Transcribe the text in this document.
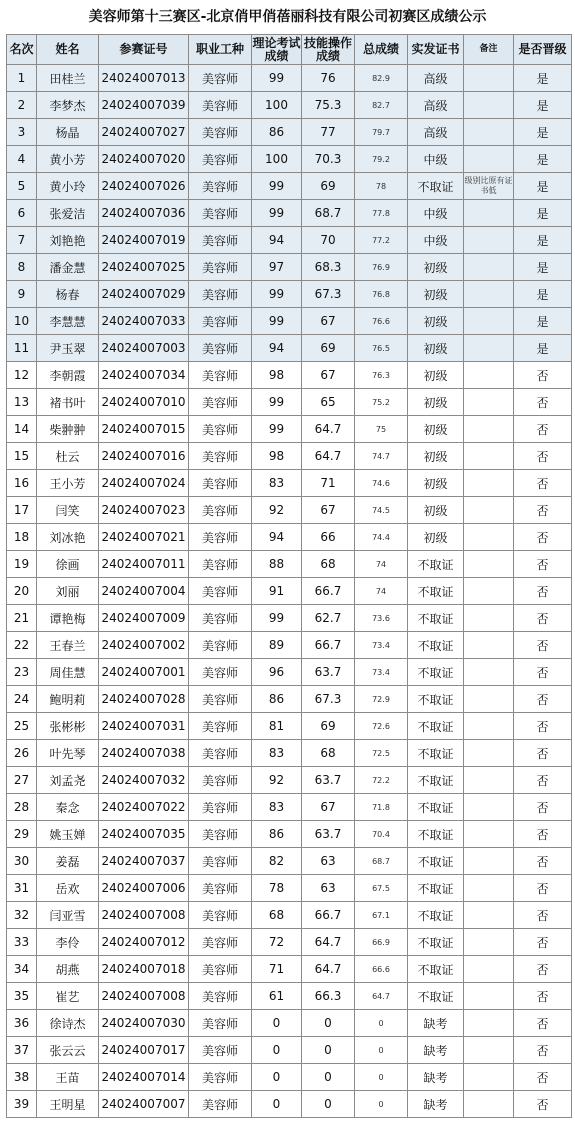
美容师第十三赛区-北京俏甲俏蓓丽科技有限公司初赛区成绩公示
名次	姓名	参赛证号	职业工种	理论考试成绩	技能操作成绩	总成绩	实发证书	备注	是否晋级
1	田桂兰	24024007013	美容师	99	76	82.9	高级		是
2	李梦杰	24024007039	美容师	100	75.3	82.7	高级		是
3	杨晶	24024007027	美容师	86	77	79.7	高级		是
4	黄小芳	24024007020	美容师	100	70.3	79.2	中级		是
5	黄小玲	24024007026	美容师	99	69	78	不取证	级别比原有证书低	是
6	张爱洁	24024007036	美容师	99	68.7	77.8	中级		是
7	刘艳艳	24024007019	美容师	94	70	77.2	中级		是
8	潘金慧	24024007025	美容师	97	68.3	76.9	初级		是
9	杨春	24024007029	美容师	99	67.3	76.8	初级		是
10	李慧慧	24024007033	美容师	99	67	76.6	初级		是
11	尹玉翠	24024007003	美容师	94	69	76.5	初级		是
12	李朝霞	24024007034	美容师	98	67	76.3	初级		否
13	褚书叶	24024007010	美容师	99	65	75.2	初级		否
14	柴翀翀	24024007015	美容师	99	64.7	75	初级		否
15	杜云	24024007016	美容师	98	64.7	74.7	初级		否
16	王小芳	24024007024	美容师	83	71	74.6	初级		否
17	闫笑	24024007023	美容师	92	67	74.5	初级		否
18	刘冰艳	24024007021	美容师	94	66	74.4	初级		否
19	徐画	24024007011	美容师	88	68	74	不取证		否
20	刘丽	24024007004	美容师	91	66.7	74	不取证		否
21	谭艳梅	24024007009	美容师	99	62.7	73.6	不取证		否
22	王春兰	24024007002	美容师	89	66.7	73.4	不取证		否
23	周佳慧	24024007001	美容师	96	63.7	73.4	不取证		否
24	鲍明莉	24024007028	美容师	86	67.3	72.9	不取证		否
25	张彬彬	24024007031	美容师	81	69	72.6	不取证		否
26	叶先琴	24024007038	美容师	83	68	72.5	不取证		否
27	刘孟尧	24024007032	美容师	92	63.7	72.2	不取证		否
28	秦念	24024007022	美容师	83	67	71.8	不取证		否
29	姚玉婵	24024007035	美容师	86	63.7	70.4	不取证		否
30	姜磊	24024007037	美容师	82	63	68.7	不取证		否
31	岳欢	24024007006	美容师	78	63	67.5	不取证		否
32	闫亚雪	24024007008	美容师	68	66.7	67.1	不取证		否
33	李伶	24024007012	美容师	72	64.7	66.9	不取证		否
34	胡燕	24024007018	美容师	71	64.7	66.6	不取证		否
35	崔艺	24024007008	美容师	61	66.3	64.7	不取证		否
36	徐诗杰	24024007030	美容师	0	0	0	缺考		否
37	张云云	24024007017	美容师	0	0	0	缺考		否
38	王苗	24024007014	美容师	0	0	0	缺考		否
39	王明星	24024007007	美容师	0	0	0	缺考		否
